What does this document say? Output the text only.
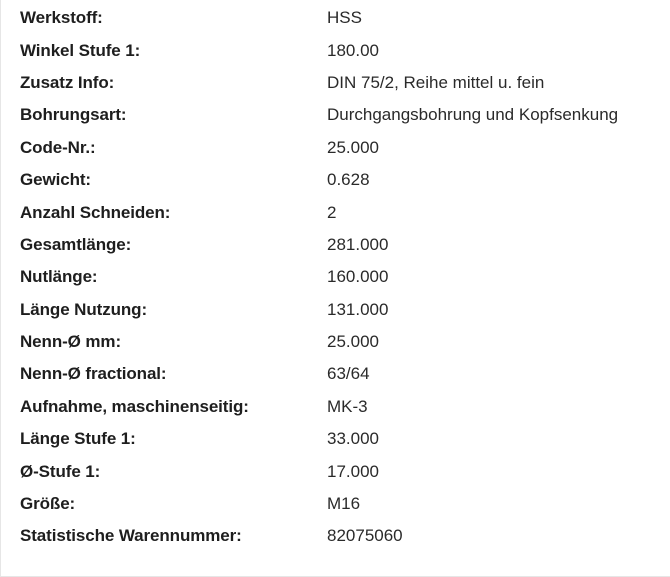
Werkstoff:	HSS
Winkel Stufe 1:	180.00
Zusatz Info:	DIN 75/2, Reihe mittel u. fein
Bohrungsart:	Durchgangsbohrung und Kopfsenkung
Code-Nr.:	25.000
Gewicht:	0.628
Anzahl Schneiden:	2
Gesamtlänge:	281.000
Nutlänge:	160.000
Länge Nutzung:	131.000
Nenn-Ø mm:	25.000
Nenn-Ø fractional:	63/64
Aufnahme, maschinenseitig:	MK-3
Länge Stufe 1:	33.000
Ø-Stufe 1:	17.000
Größe:	M16
Statistische Warennummer:	82075060
